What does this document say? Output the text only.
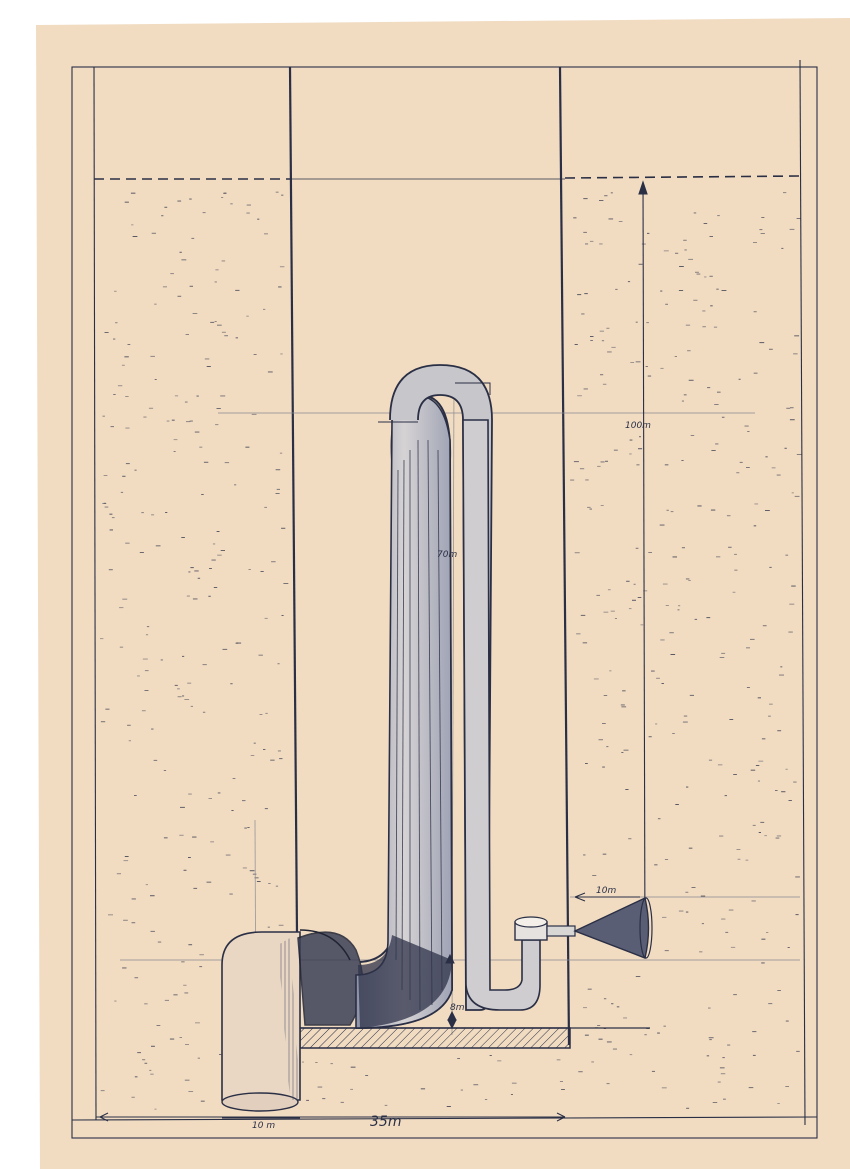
35m
10 m
100m
70m
10m
8m
